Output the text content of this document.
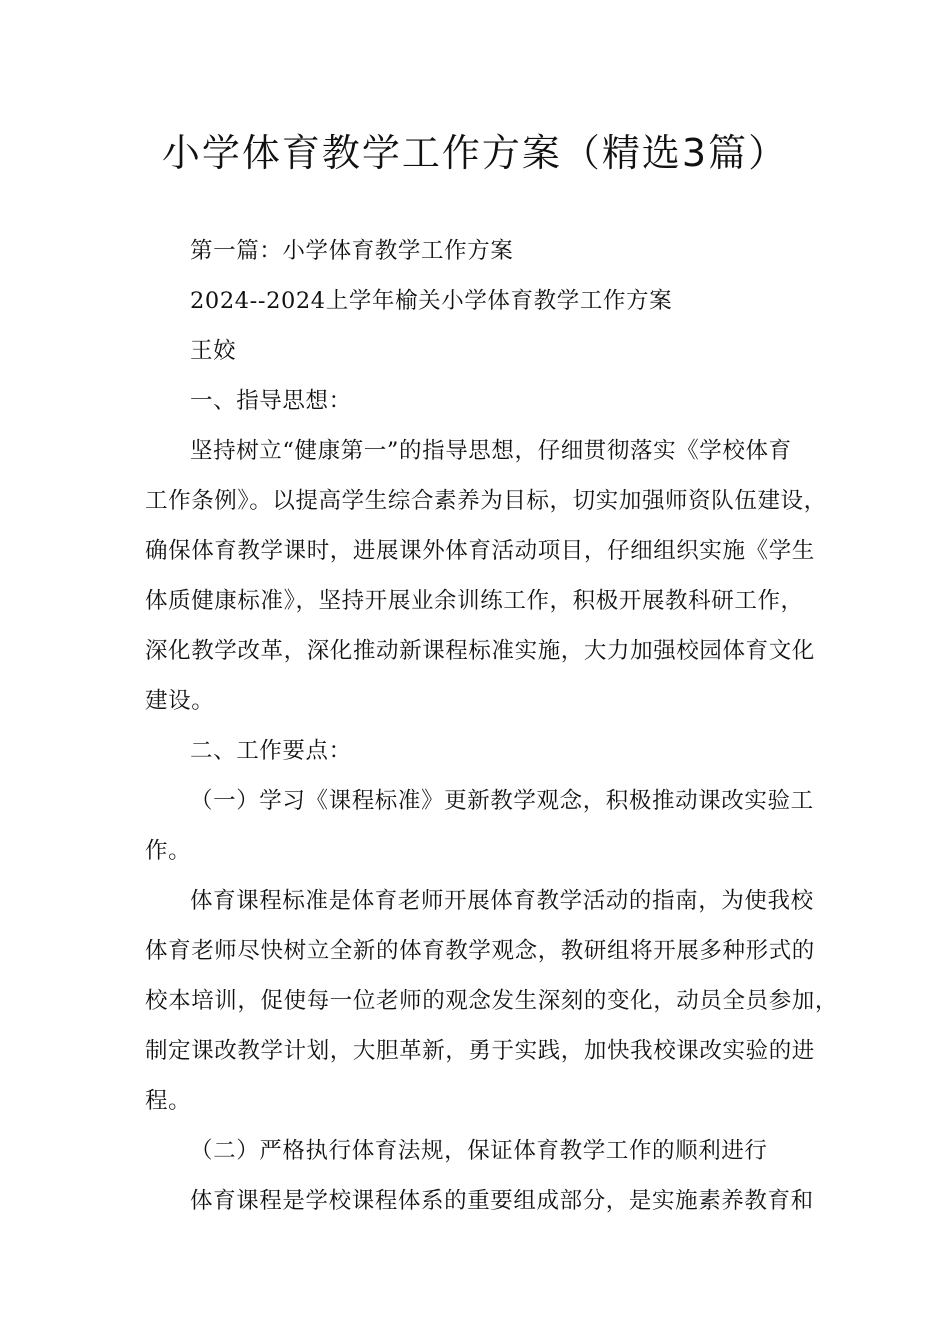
小学体育教学工作方案（精选3篇）
第一篇：小学体育教学工作方案
2024--2024上学年榆关小学体育教学工作方案
王姣
一、指导思想：
坚持树立“健康第一”的指导思想，仔细贯彻落实《学校体育
工作条例》。以提高学生综合素养为目标，切实加强师资队伍建设，
确保体育教学课时，进展课外体育活动项目，仔细组织实施《学生
体质健康标准》，坚持开展业余训练工作，积极开展教科研工作，
深化教学改革，深化推动新课程标准实施，大力加强校园体育文化
建设。
二、工作要点：
（一）学习《课程标准》更新教学观念，积极推动课改实验工
作。
体育课程标准是体育老师开展体育教学活动的指南，为使我校
体育老师尽快树立全新的体育教学观念，教研组将开展多种形式的
校本培训，促使每一位老师的观念发生深刻的变化，动员全员参加，
制定课改教学计划，大胆革新，勇于实践，加快我校课改实验的进
程。
（二）严格执行体育法规，保证体育教学工作的顺利进行
体育课程是学校课程体系的重要组成部分，是实施素养教育和
